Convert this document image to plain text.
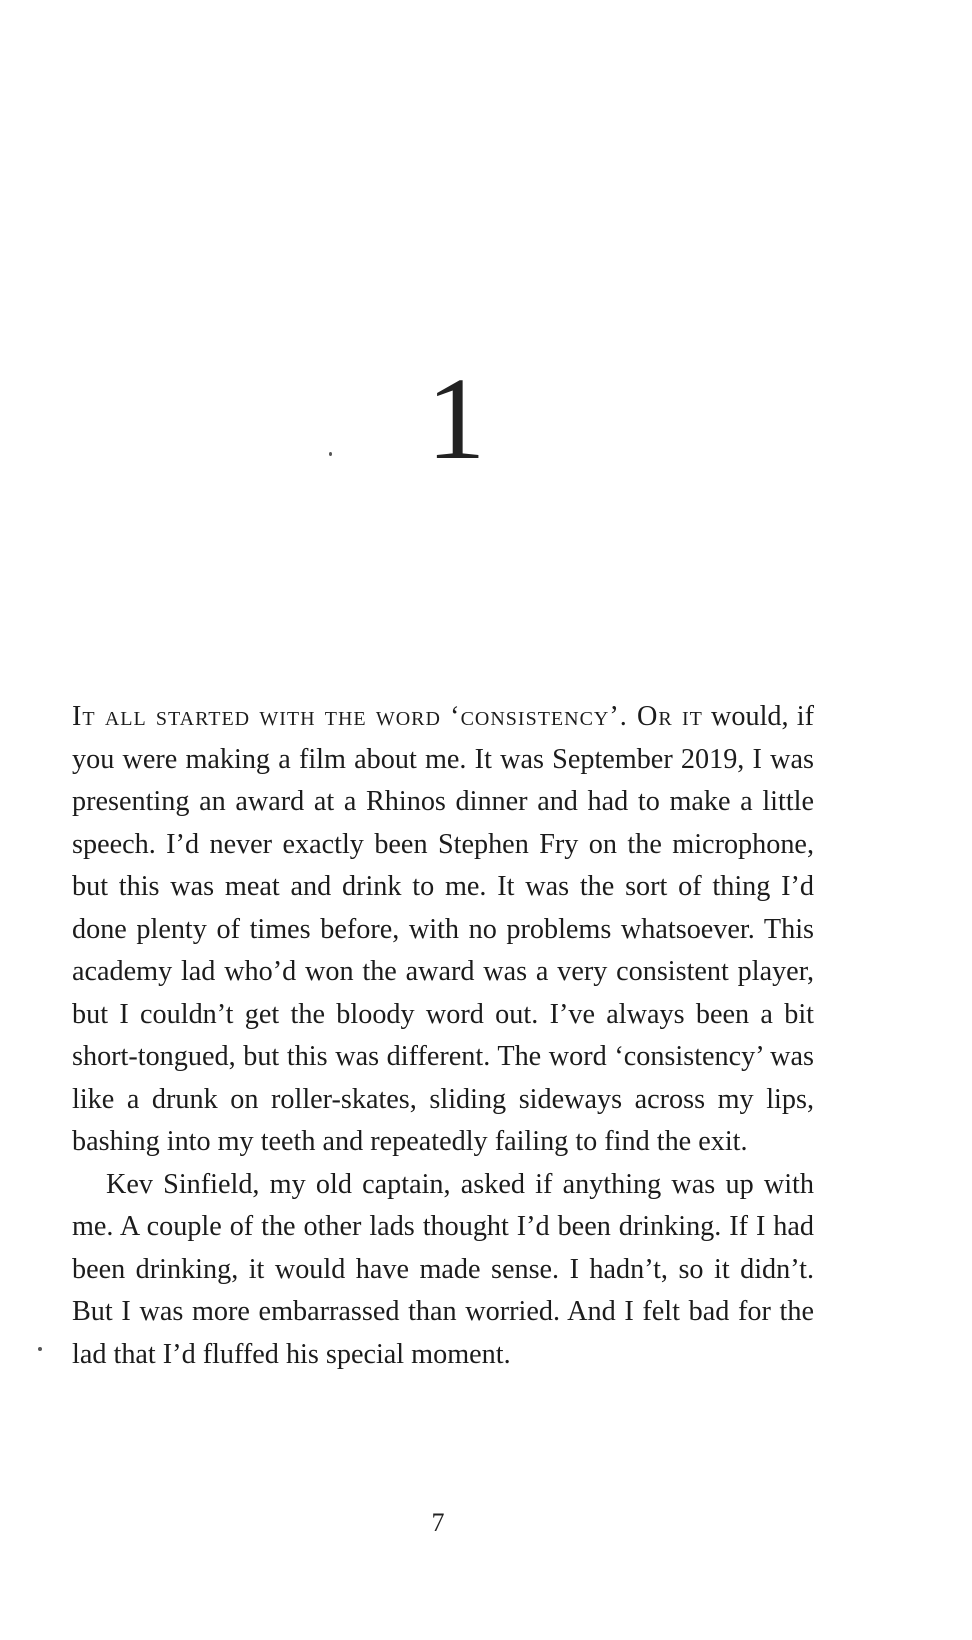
1

It all started with the word ‘consistency’. Or it would, if you were making a film about me. It was September 2019, I was presenting an award at a Rhinos dinner and had to make a little speech. I’d never exactly been Stephen Fry on the microphone, but this was meat and drink to me. It was the sort of thing I’d done plenty of times before, with no problems whatsoever. This academy lad who’d won the award was a very consistent player, but I couldn’t get the bloody word out. I’ve always been a bit short-tongued, but this was different. The word ‘consistency’ was like a drunk on roller-skates, sliding sideways across my lips, bashing into my teeth and repeatedly failing to find the exit.

Kev Sinfield, my old captain, asked if anything was up with me. A couple of the other lads thought I’d been drinking. If I had been drinking, it would have made sense. I hadn’t, so it didn’t. But I was more embarrassed than worried. And I felt bad for the lad that I’d fluffed his special moment.

7
